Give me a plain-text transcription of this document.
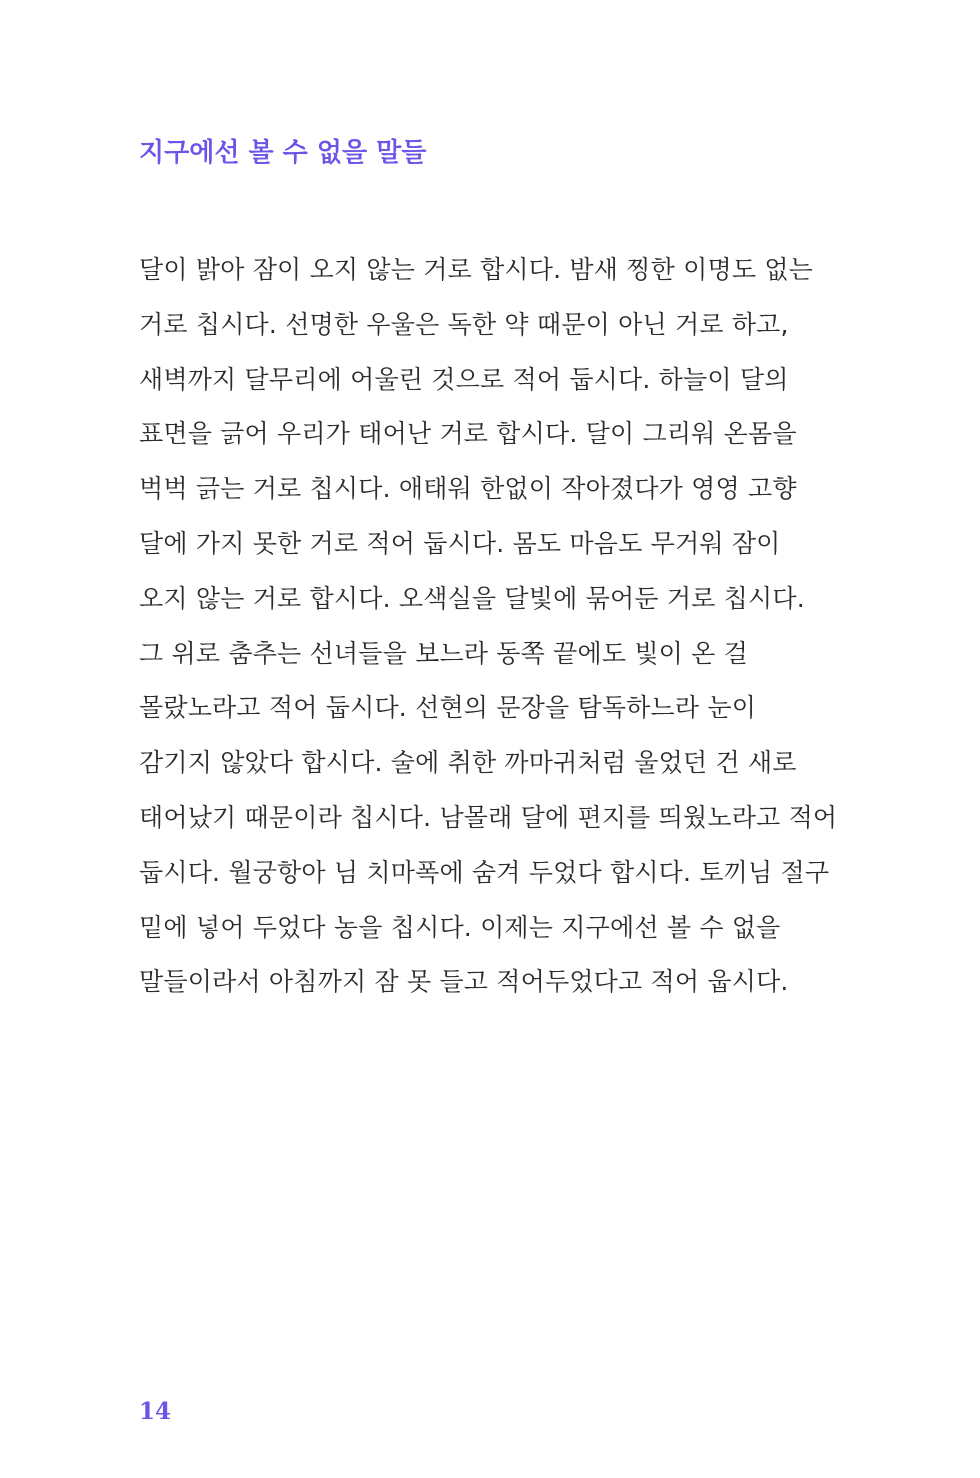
지구에선 볼 수 없을 말들
달이 밝아 잠이 오지 않는 거로 합시다. 밤새 찡한 이명도 없는
거로 칩시다. 선명한 우울은 독한 약 때문이 아닌 거로 하고,
새벽까지 달무리에 어울린 것으로 적어 둡시다. 하늘이 달의
표면을 긁어 우리가 태어난 거로 합시다. 달이 그리워 온몸을
벅벅 긁는 거로 칩시다. 애태워 한없이 작아졌다가 영영 고향
달에 가지 못한 거로 적어 둡시다. 몸도 마음도 무거워 잠이
오지 않는 거로 합시다. 오색실을 달빛에 묶어둔 거로 칩시다.
그 위로 춤추는 선녀들을 보느라 동쪽 끝에도 빛이 온 걸
몰랐노라고 적어 둡시다. 선현의 문장을 탐독하느라 눈이
감기지 않았다 합시다. 술에 취한 까마귀처럼 울었던 건 새로
태어났기 때문이라 칩시다. 남몰래 달에 편지를 띄웠노라고 적어
둡시다. 월궁항아 님 치마폭에 숨겨 두었다 합시다. 토끼님 절구
밑에 넣어 두었다 농을 칩시다. 이제는 지구에선 볼 수 없을
말들이라서 아침까지 잠 못 들고 적어두었다고 적어 웁시다.
14
